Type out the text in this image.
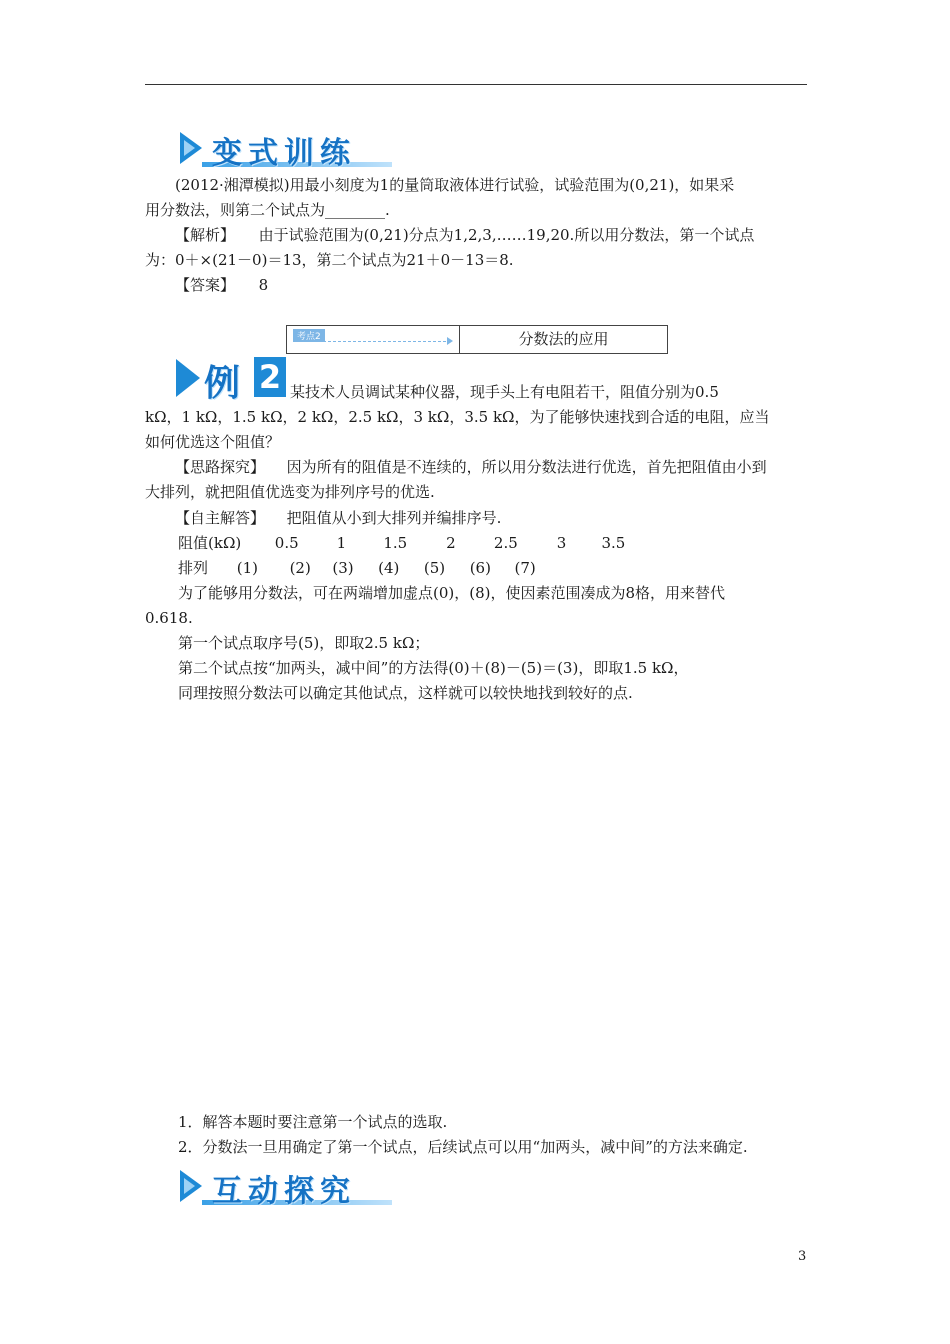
变式训练
(2012·湘潭模拟)用最小刻度为1的量筒取液体进行试验，试验范围为(0,21)，如果采
用分数法，则第二个试点为________.
【解析】 由于试验范围为(0,21)分点为1,2,3,……19,20.所以用分数法，第一个试点
为：0＋×(21－0)＝13，第二个试点为21＋0－13＝8.
【答案】 8
考点2	分数法的应用
例 2 某技术人员调试某种仪器，现手头上有电阻若干，阻值分别为0.5
kΩ，1 kΩ，1.5 kΩ，2 kΩ，2.5 kΩ，3 kΩ，3.5 kΩ，为了能够快速找到合适的电阻，应当
如何优选这个阻值？
【思路探究】 因为所有的阻值是不连续的，所以用分数法进行优选，首先把阻值由小到
大排列，就把阻值优选变为排列序号的优选.
【自主解答】 把阻值从小到大排列并编排序号.
阻值(kΩ) 0.5	1 1.5	2	2.5	3 3.5
排列 (1) (2) (3) (4) (5) (6) (7)
为了能够用分数法，可在两端增加虚点(0)，(8)，使因素范围凑成为8格，用来替代
0.618.
第一个试点取序号(5)，即取2.5 kΩ；
第二个试点按“加两头，减中间”的方法得(0)＋(8)－(5)＝(3)，即取1.5 kΩ，
同理按照分数法可以确定其他试点，这样就可以较快地找到较好的点.
1．解答本题时要注意第一个试点的选取.
2．分数法一旦用确定了第一个试点，后续试点可以用“加两头，减中间”的方法来确定.
互动探究
3
